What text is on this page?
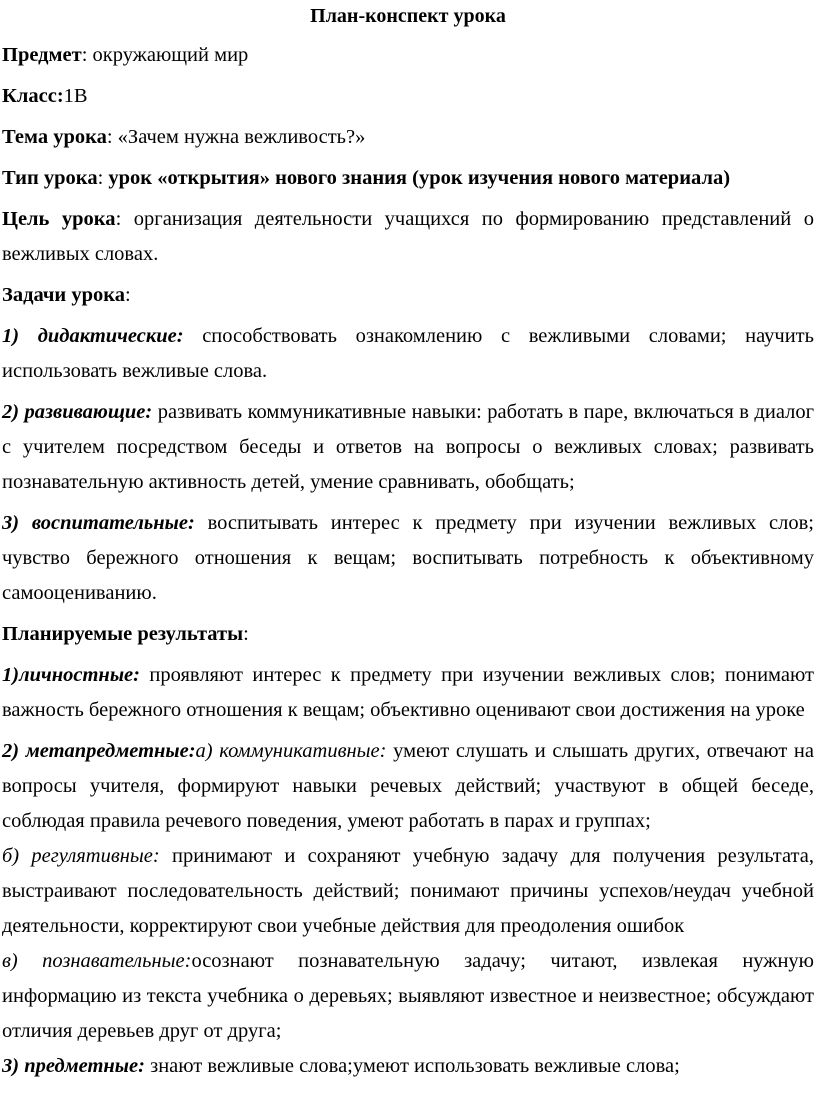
План-конспект урока

Предмет: окружающий мир

Класс:1В

Тема урока: «Зачем нужна вежливость?»

Тип урока: урок «открытия» нового знания (урок изучения нового материала)

Цель урока: организация деятельности учащихся по формированию представлений о вежливых словах.

Задачи урока:

1) дидактические: способствовать ознакомлению с вежливыми словами; научить использовать вежливые слова.

2) развивающие: развивать коммуникативные навыки: работать в паре, включаться в диалог с учителем посредством беседы и ответов на вопросы о вежливых словах; развивать познавательную активность детей, умение сравнивать, обобщать;

3) воспитательные: воспитывать интерес к предмету при изучении вежливых слов; чувство бережного отношения к вещам; воспитывать потребность к объективному самооцениванию.

Планируемые результаты:

1)личностные: проявляют интерес к предмету при изучении вежливых слов; понимают важность бережного отношения к вещам; объективно оценивают свои достижения на уроке

2) метапредметные:а) коммуникативные: умеют слушать и слышать других, отвечают на вопросы учителя, формируют навыки речевых действий; участвуют в общей беседе, соблюдая правила речевого поведения, умеют работать в парах и группах;

б) регулятивные: принимают и сохраняют учебную задачу для получения результата, выстраивают последовательность действий; понимают причины успехов/неудач учебной деятельности, корректируют свои учебные действия для преодоления ошибок

в) познавательные:осознают познавательную задачу; читают, извлекая нужную информацию из текста учебника о деревьях; выявляют известное и неизвестное; обсуждают отличия деревьев друг от друга;

3) предметные: знают вежливые слова;умеют использовать вежливые слова;
